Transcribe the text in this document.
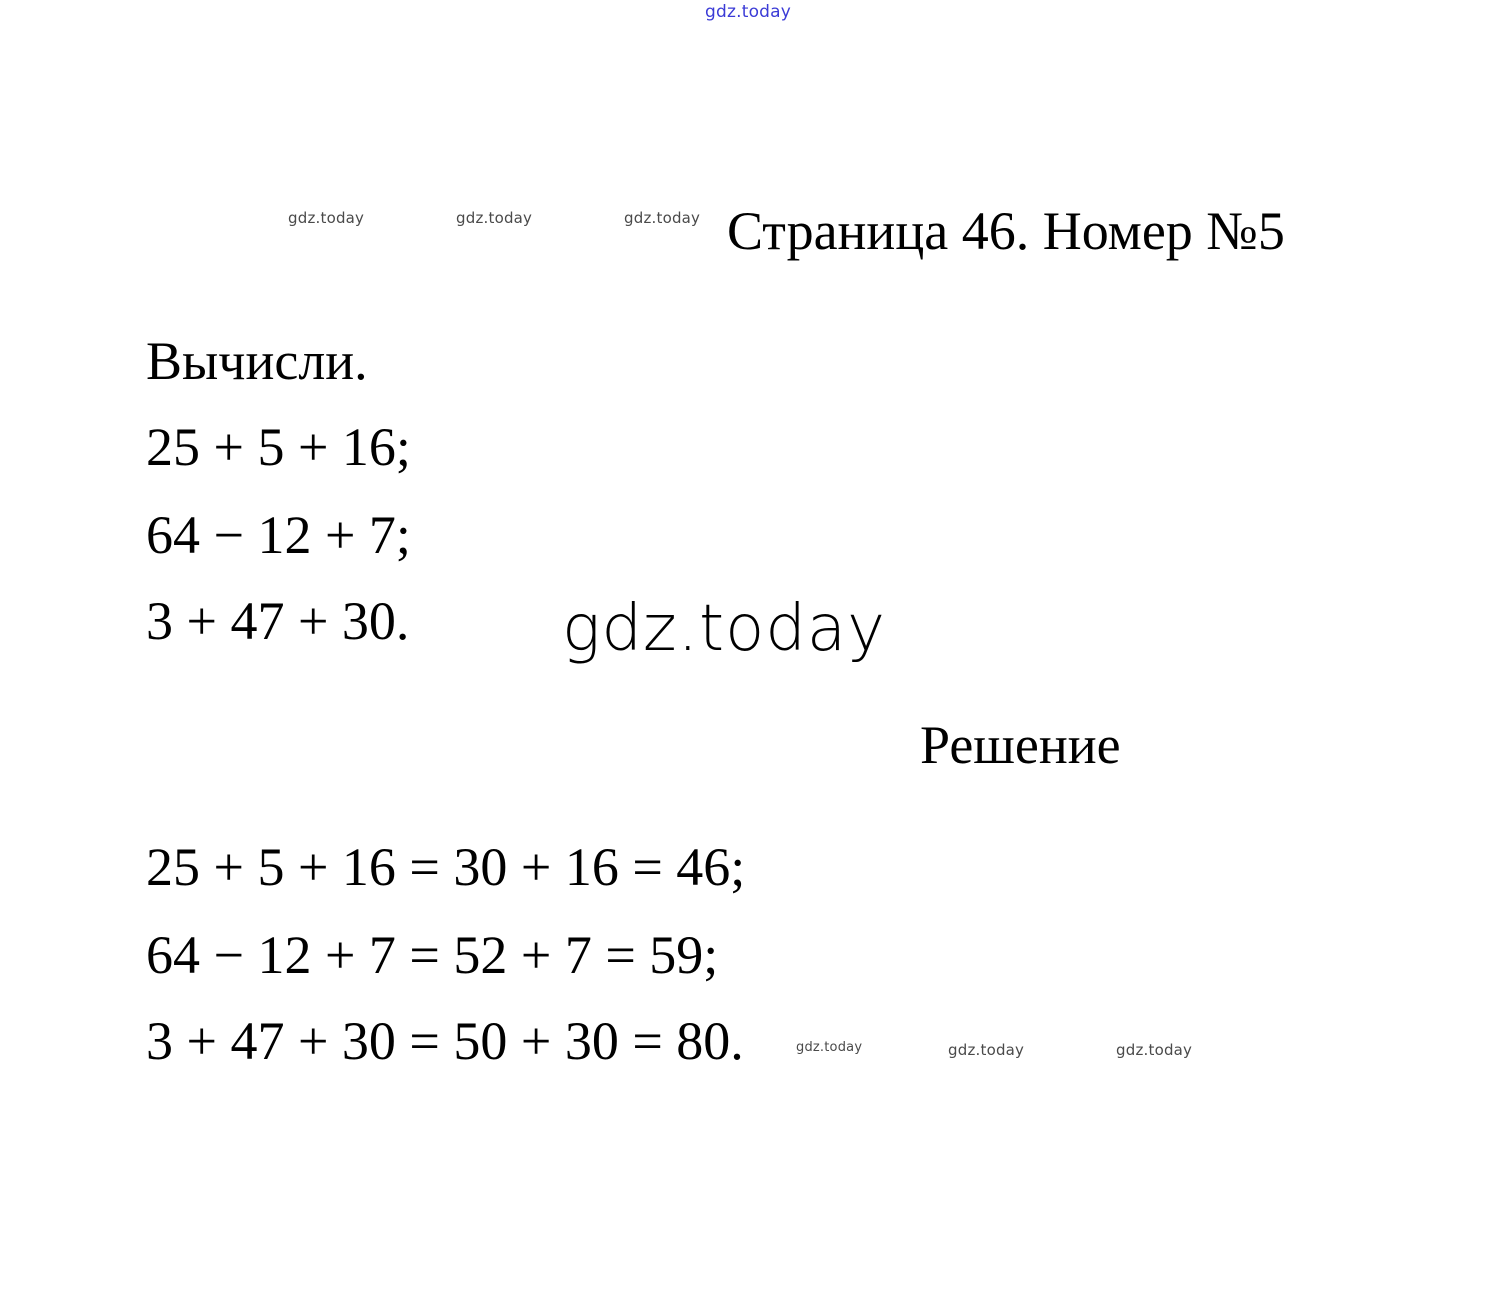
gdz.today
gdz.today	gdz.today	gdz.today Страница 46. Номер №5
Вычисли.
25 + 5 + 16;
64 − 12 + 7;
3 + 47 + 30. gdz.today
Решение
25 + 5 + 16 = 30 + 16 = 46;
64 − 12 + 7 = 52 + 7 = 59;
3 + 47 + 30 = 50 + 30 = 80.	gdz.today	gdz.today	gdz.today
